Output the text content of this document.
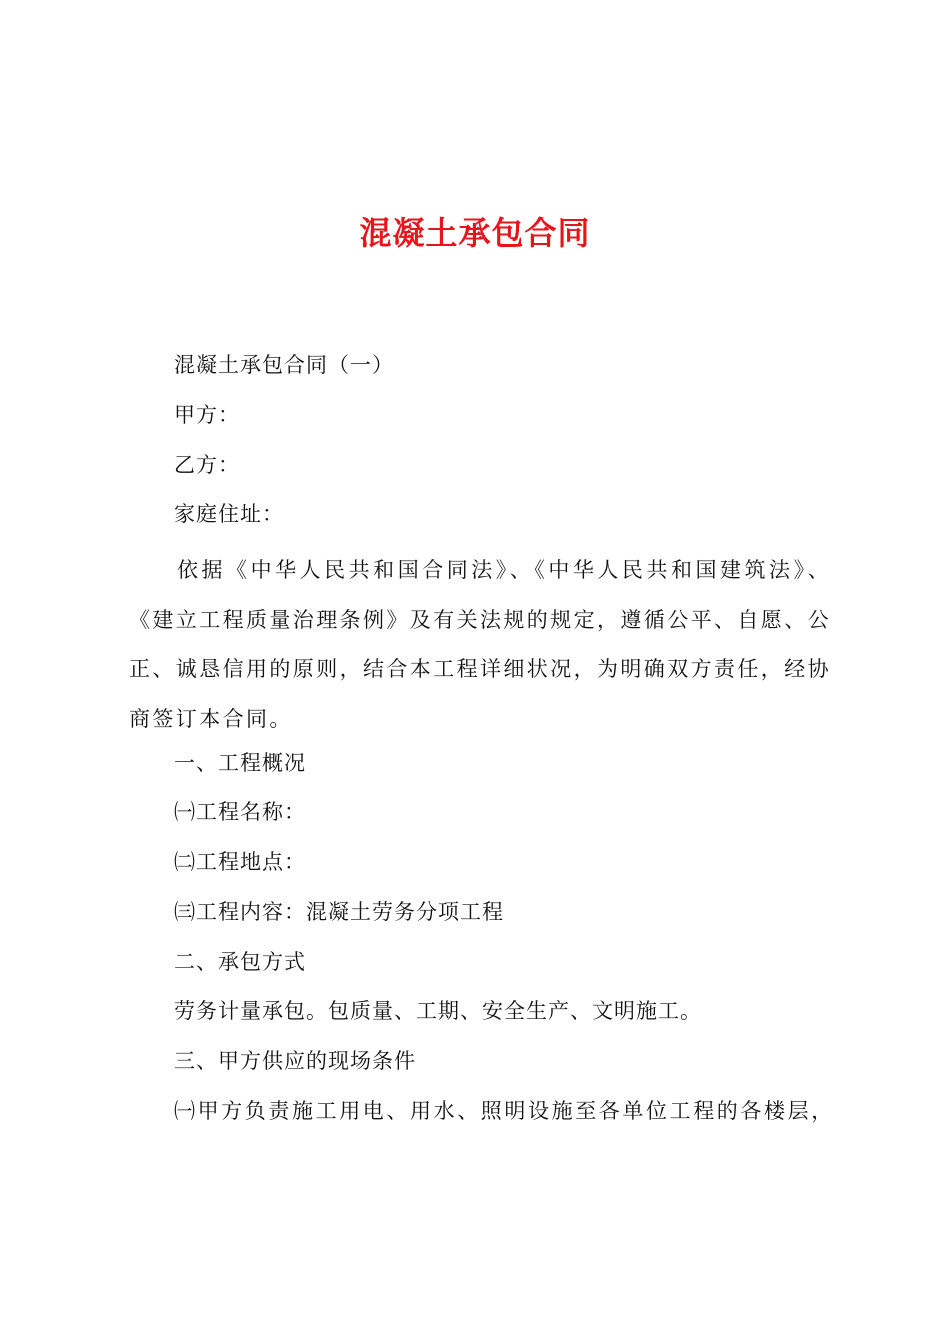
混凝土承包合同

混凝土承包合同（一）

甲方：

乙方：

家庭住址：

依据《中华人民共和国合同法》、《中华人民共和国建筑法》、《建立工程质量治理条例》及有关法规的规定，遵循公平、自愿、公正、诚恳信用的原则，结合本工程详细状况，为明确双方责任，经协商签订本合同。

一、工程概况

㈠工程名称：

㈡工程地点：

㈢工程内容：混凝土劳务分项工程

二、承包方式

劳务计量承包。包质量、工期、安全生产、文明施工。

三、甲方供应的现场条件

㈠甲方负责施工用电、用水、照明设施至各单位工程的各楼层，
